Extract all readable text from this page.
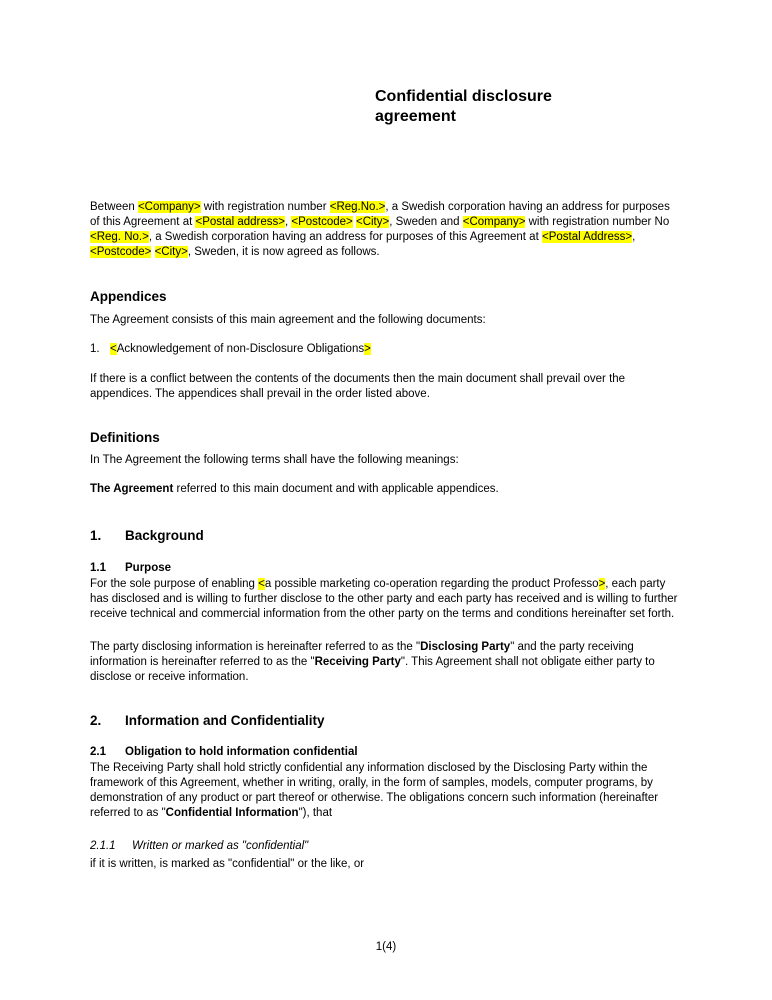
Confidential disclosure agreement

Between <Company> with registration number <Reg.No.>, a Swedish corporation having an address for purposes of this Agreement at <Postal address>, <Postcode> <City>, Sweden and <Company> with registration number No <Reg. No.>, a Swedish corporation having an address for purposes of this Agreement at <Postal Address>, <Postcode> <City>, Sweden, it is now agreed as follows.

Appendices

The Agreement consists of this main agreement and the following documents:

1. <Acknowledgement of non-Disclosure Obligations>

If there is a conflict between the contents of the documents then the main document shall prevail over the appendices. The appendices shall prevail in the order listed above.

Definitions

In The Agreement the following terms shall have the following meanings:

The Agreement referred to this main document and with applicable appendices.

1.	Background
1.1	Purpose

For the sole purpose of enabling <a possible marketing co-operation regarding the product Professo>, each party has disclosed and is willing to further disclose to the other party and each party has received and is willing to further receive technical and commercial information from the other party on the terms and conditions hereinafter set forth.

The party disclosing information is hereinafter referred to as the "Disclosing Party" and the party receiving information is hereinafter referred to as the "Receiving Party". This Agreement shall not obligate either party to disclose or receive information.

2.	Information and Confidentiality
2.1	Obligation to hold information confidential

The Receiving Party shall hold strictly confidential any information disclosed by the Disclosing Party within the framework of this Agreement, whether in writing, orally, in the form of samples, models, computer programs, by demonstration of any product or part thereof or otherwise. The obligations concern such information (hereinafter referred to as "Confidential Information"), that

2.1.1	Written or marked as "confidential"

if it is written, is marked as "confidential" or the like, or

1(4)
